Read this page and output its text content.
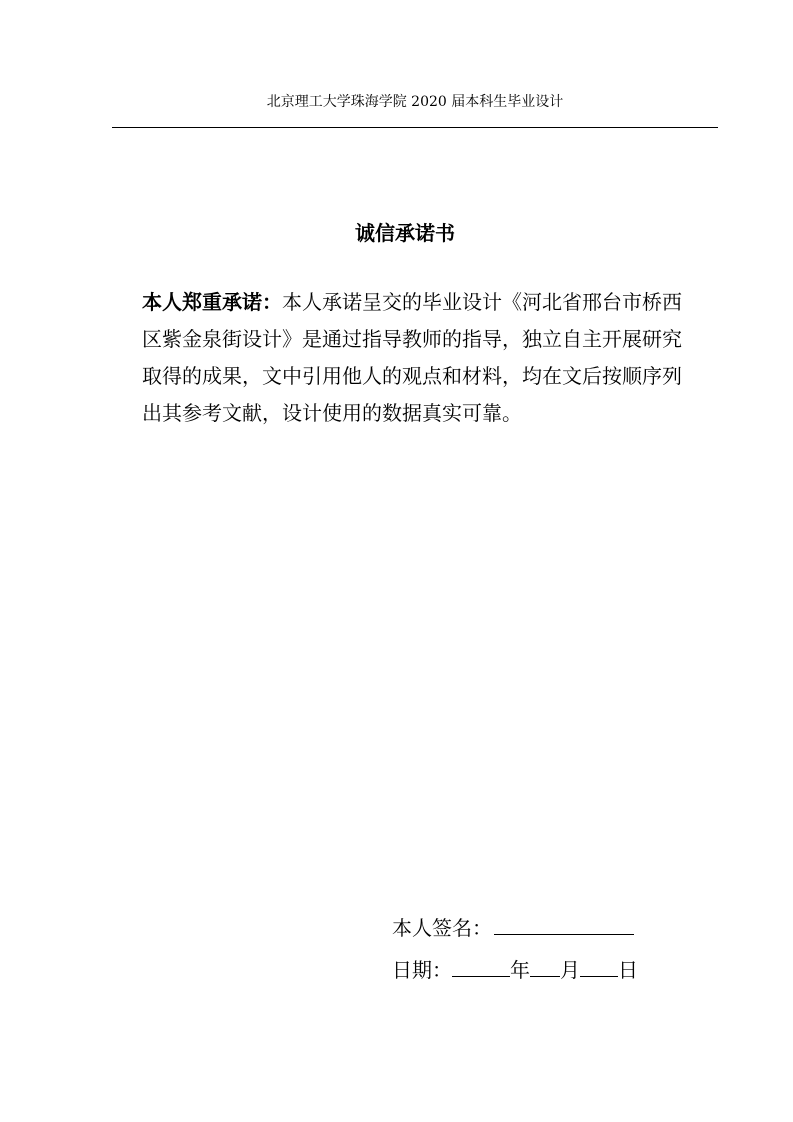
北京理工大学珠海学院 2020 届本科生毕业设计
诚信承诺书

本人郑重承诺：本人承诺呈交的毕业设计《河北省邢台市桥西区紫金泉街设计》是通过指导教师的指导，独立自主开展研究取得的成果，文中引用他人的观点和材料，均在文后按顺序列出其参考文献，设计使用的数据真实可靠。

本人签名：
日期：	年 月 日
